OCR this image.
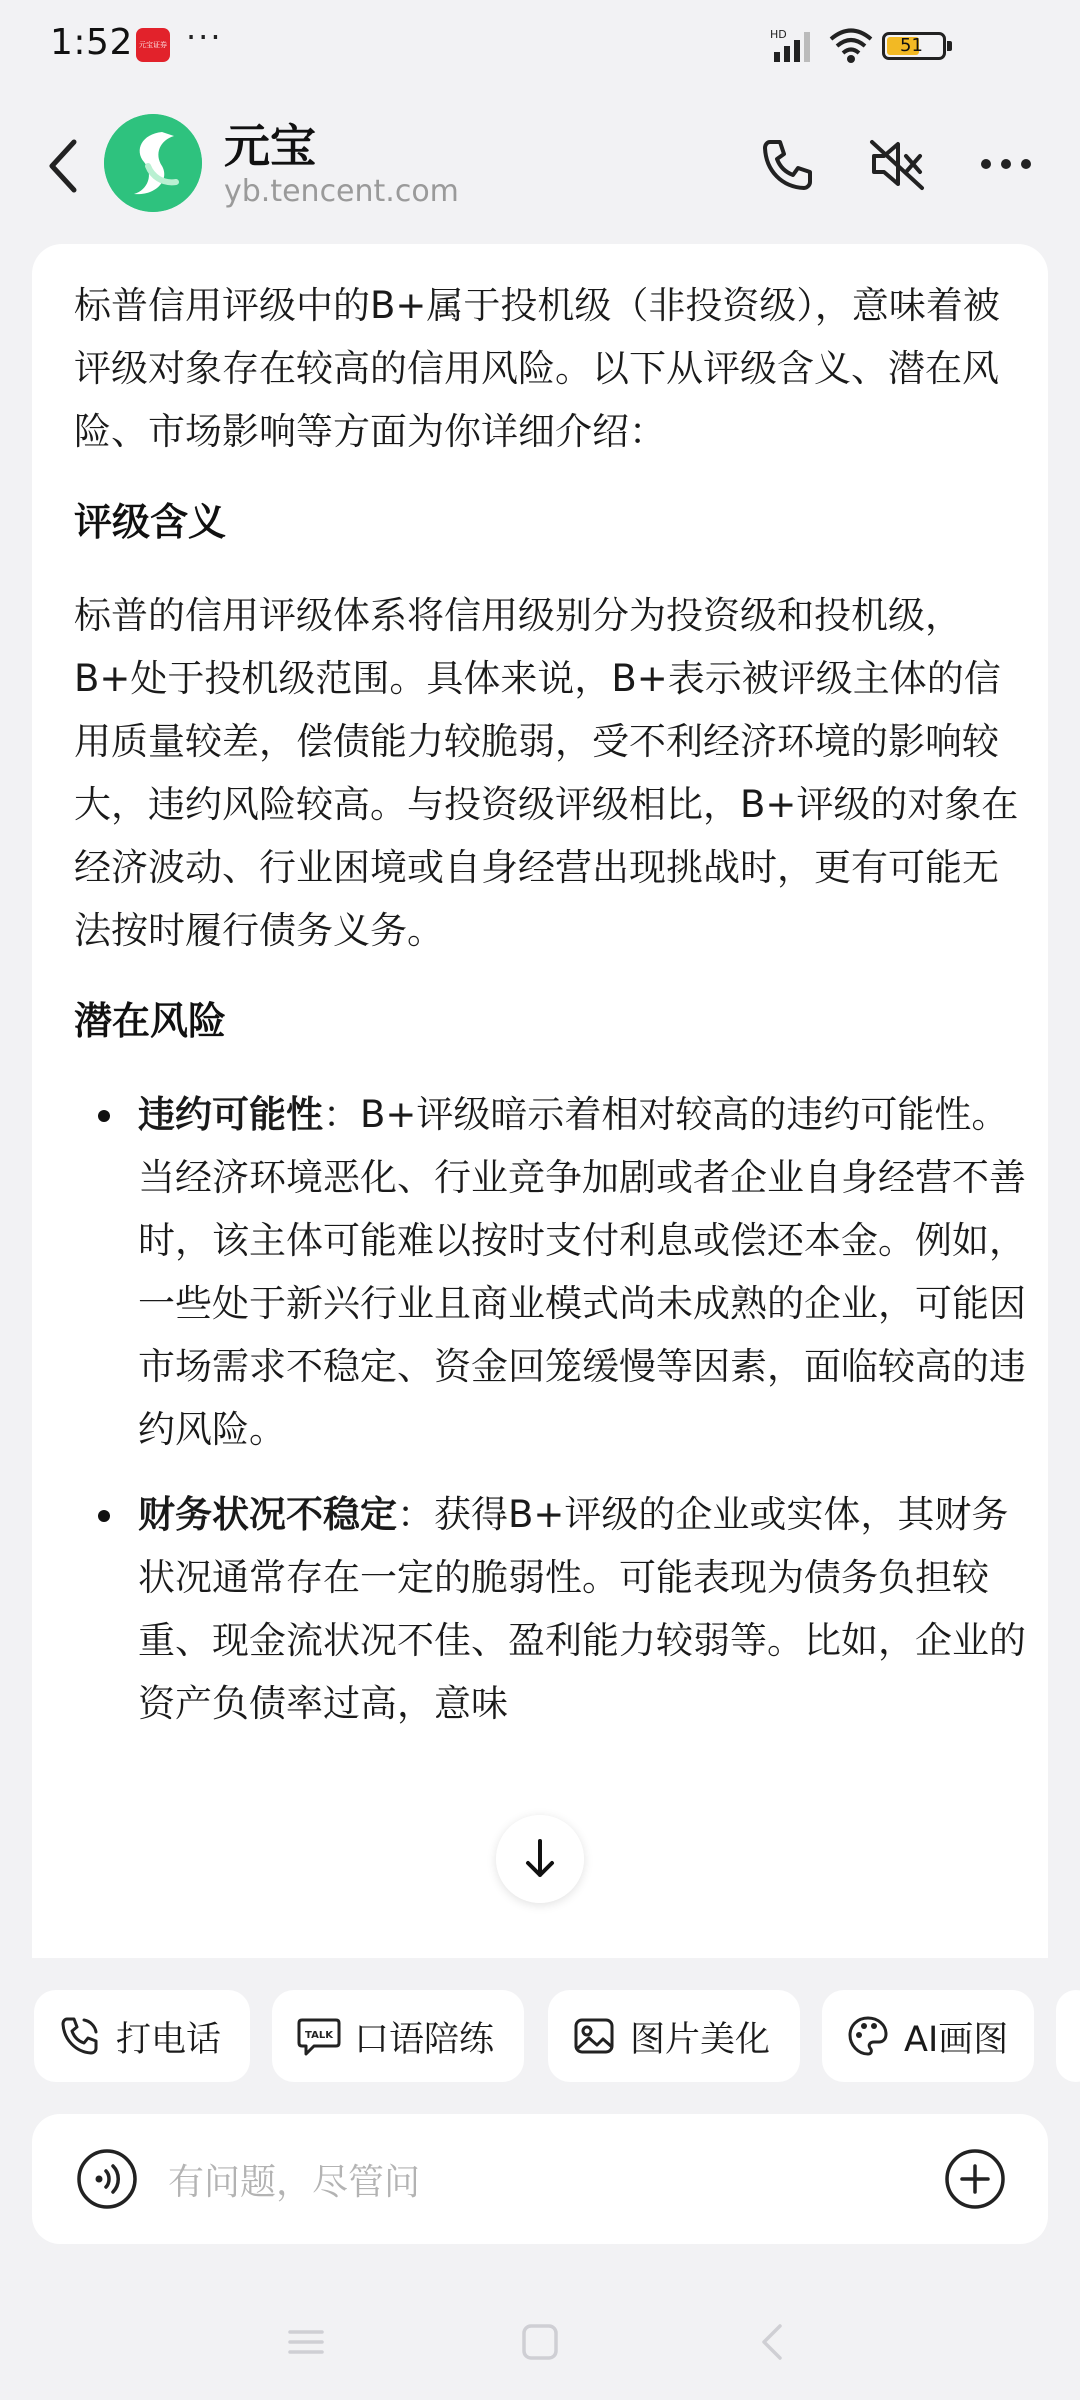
1:52 元宝证券 ···	HD
51
元宝
yb.tencent.com

标普信用评级中的B+属于投机级（非投资级），意味着被评级对象存在较高的信用风险。以下从评级含义、潜在风险、市场影响等方面为你详细介绍：

评级含义

标普的信用评级体系将信用级别分为投资级和投机级，B+处于投机级范围。具体来说，B+表示被评级主体的信用质量较差，偿债能力较脆弱，受不利经济环境的影响较大，违约风险较高。与投资级评级相比，B+评级的对象在经济波动、行业困境或自身经营出现挑战时，更有可能无法按时履行债务义务。

潜在风险
违约可能性：B+评级暗示着相对较高的违约可能性。当经济环境恶化、行业竞争加剧或者企业自身经营不善时，该主体可能难以按时支付利息或偿还本金。例如，一些处于新兴行业且商业模式尚未成熟的企业，可能因市场需求不稳定、资金回笼缓慢等因素，面临较高的违约风险。
财务状况不稳定：获得B+评级的企业或实体，其财务状况通常存在一定的脆弱性。可能表现为债务负担较重、现金流状况不佳、盈利能力较弱等。比如，企业的资产负债率过高，意味
打电话	TALK 口语陪练	图片美化	AI画图
有问题，尽管问
